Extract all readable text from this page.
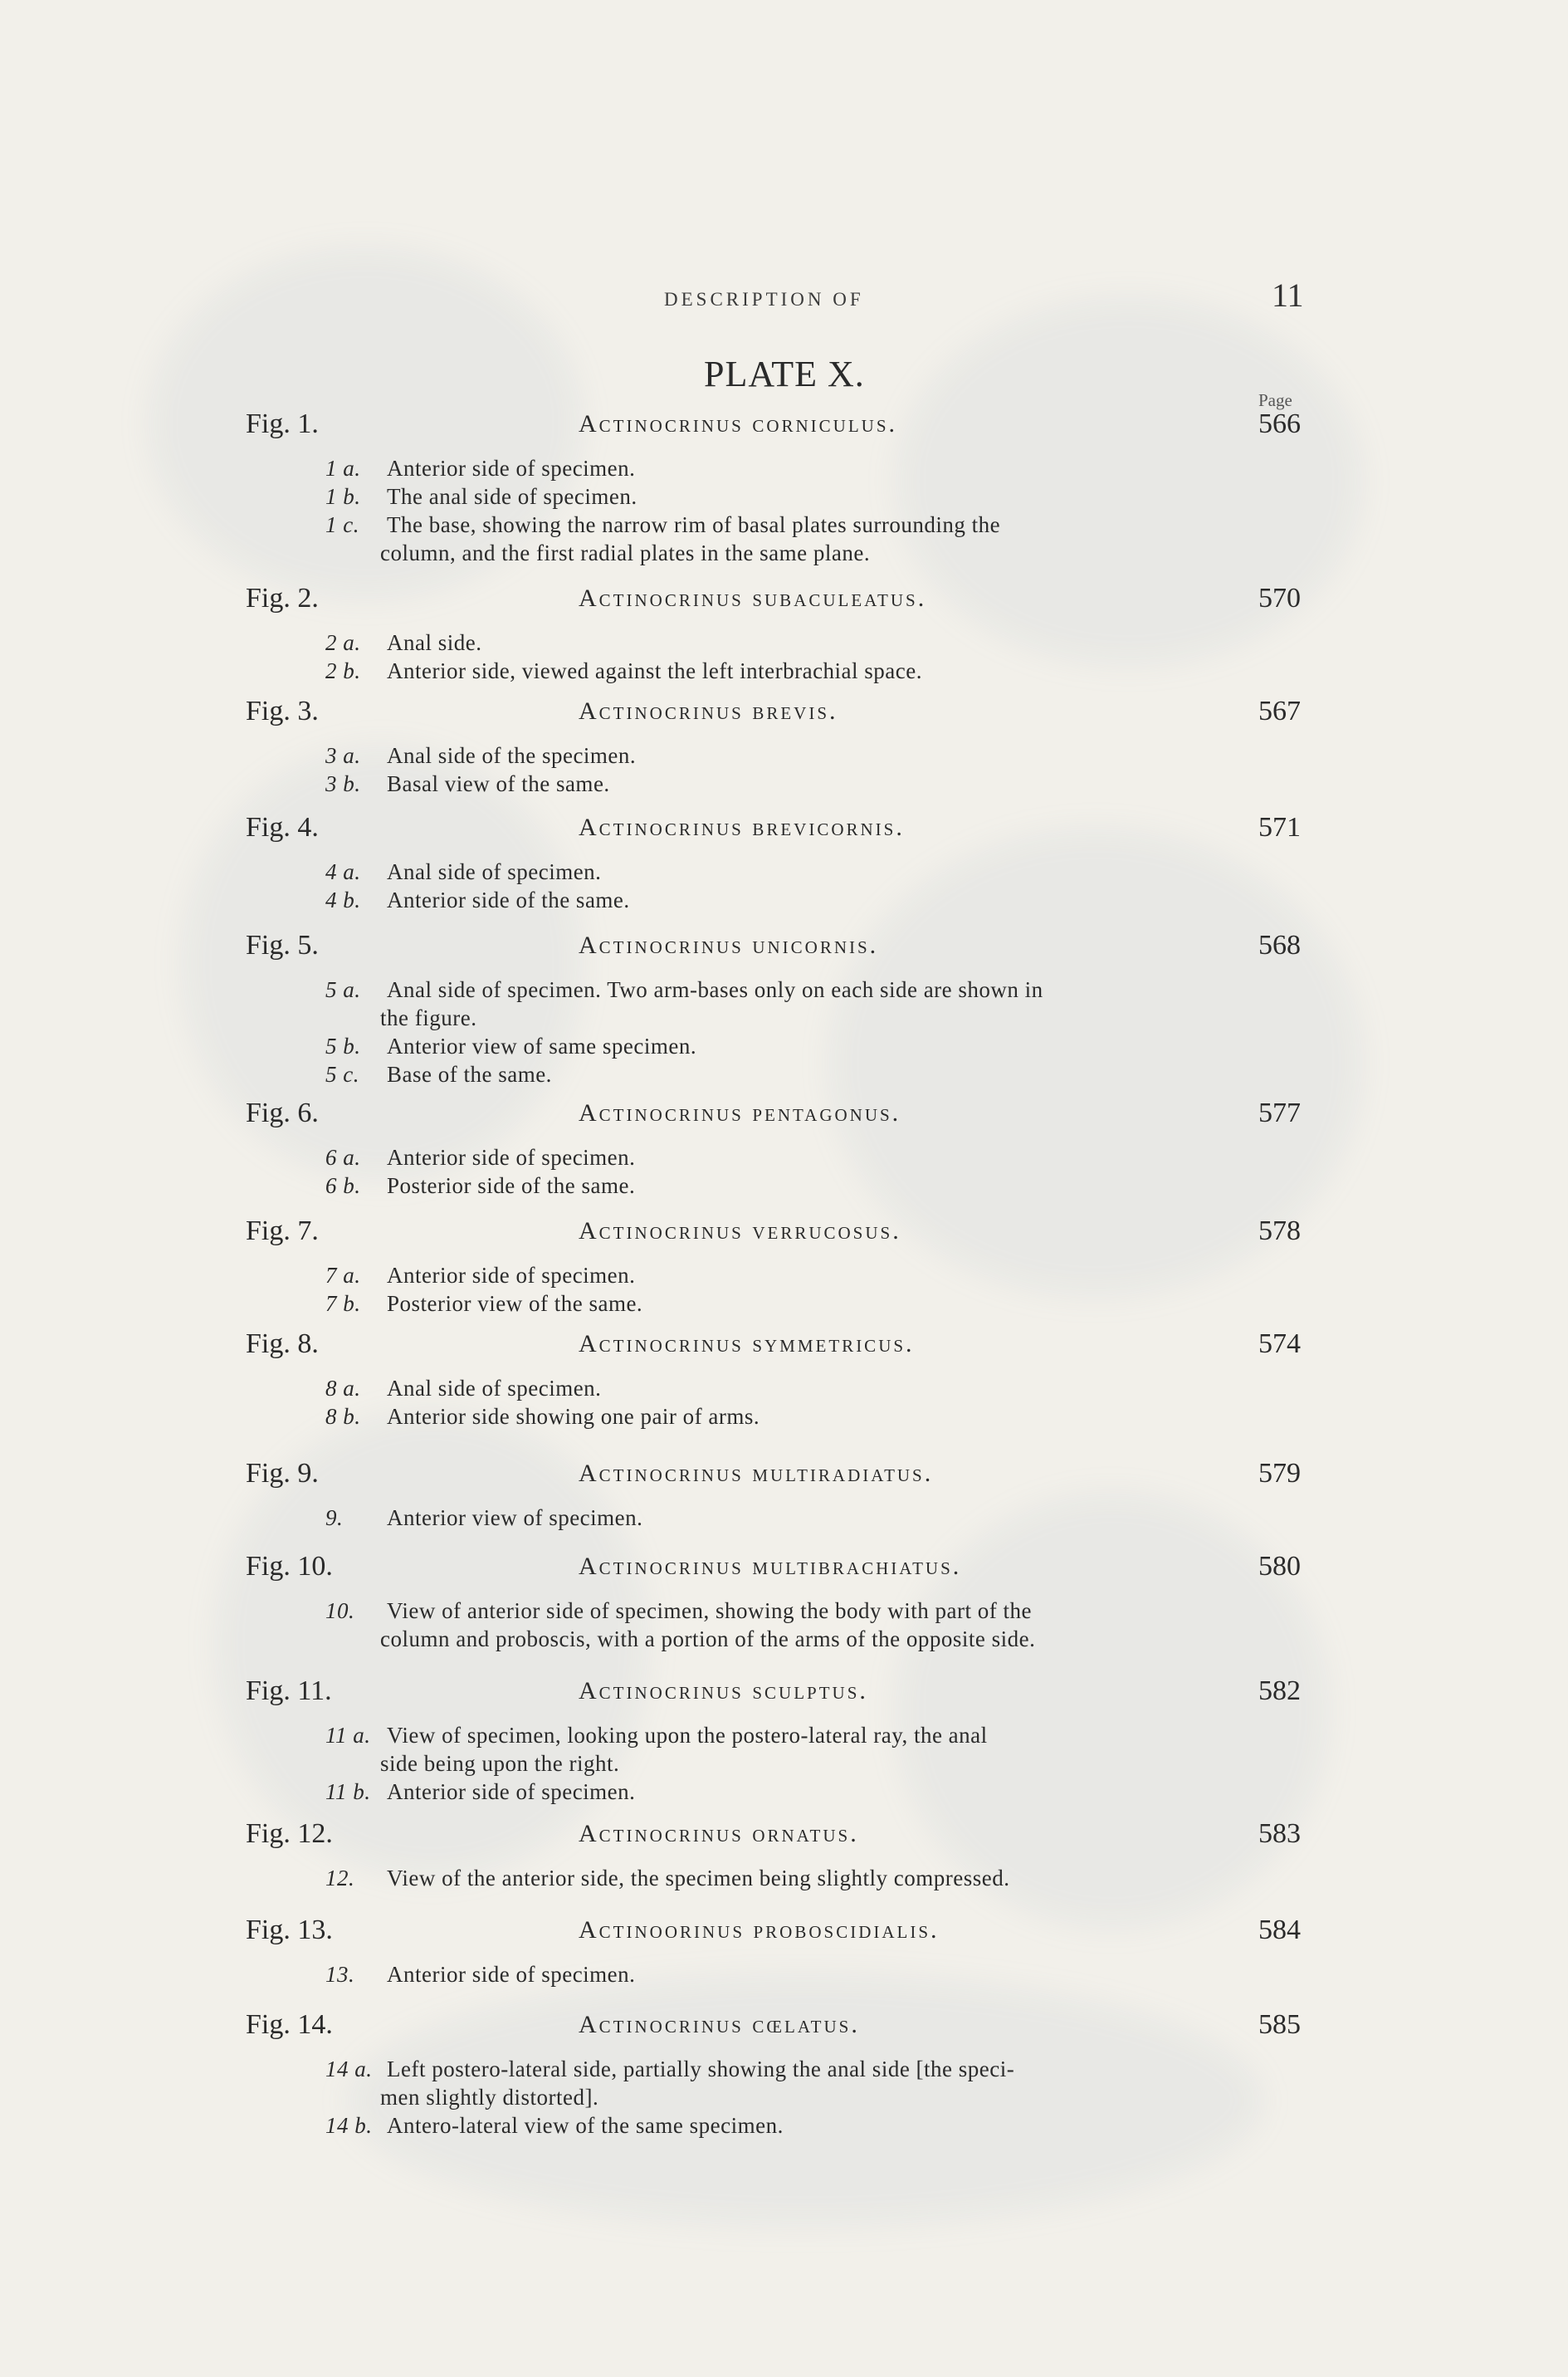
DESCRIPTION OF	11
PLATE X.
Page
Fig. 1.	Actinocrinus corniculus.	566
1 a. Anterior side of specimen.
1 b. The anal side of specimen.
1 c. The base, showing the narrow rim of basal plates surrounding the
column, and the first radial plates in the same plane.
Fig. 2.	Actinocrinus subaculeatus.	570
2 a. Anal side.
2 b. Anterior side, viewed against the left interbrachial space.
Fig. 3.	Actinocrinus brevis.	567
3 a. Anal side of the specimen.
3 b. Basal view of the same.
Fig. 4.	Actinocrinus brevicornis.	571
4 a. Anal side of specimen.
4 b. Anterior side of the same.
Fig. 5.	Actinocrinus unicornis.	568
5 a. Anal side of specimen. Two arm-bases only on each side are shown in
the figure.
5 b. Anterior view of same specimen.
5 c. Base of the same.
Fig. 6.	Actinocrinus pentagonus.	577
6 a. Anterior side of specimen.
6 b. Posterior side of the same.
Fig. 7.	Actinocrinus verrucosus.	578
7 a. Anterior side of specimen.
7 b. Posterior view of the same.
Fig. 8.	Actinocrinus symmetricus.	574
8 a. Anal side of specimen.
8 b. Anterior side showing one pair of arms.
Fig. 9.	Actinocrinus multiradiatus.	579
9. Anterior view of specimen.
Fig. 10.	Actinocrinus multibrachiatus.	580
10. View of anterior side of specimen, showing the body with part of the
column and proboscis, with a portion of the arms of the opposite side.
Fig. 11.	Actinocrinus sculptus.	582
11 a. View of specimen, looking upon the postero-lateral ray, the anal
side being upon the right.
11 b. Anterior side of specimen.
Fig. 12.	Actinocrinus ornatus.	583
12. View of the anterior side, the specimen being slightly compressed.
Fig. 13.	Actinoorinus proboscidialis.	584
13. Anterior side of specimen.
Fig. 14.	Actinocrinus cœlatus.	585
14 a. Left postero-lateral side, partially showing the anal side [the speci-
men slightly distorted].
14 b. Antero-lateral view of the same specimen.
